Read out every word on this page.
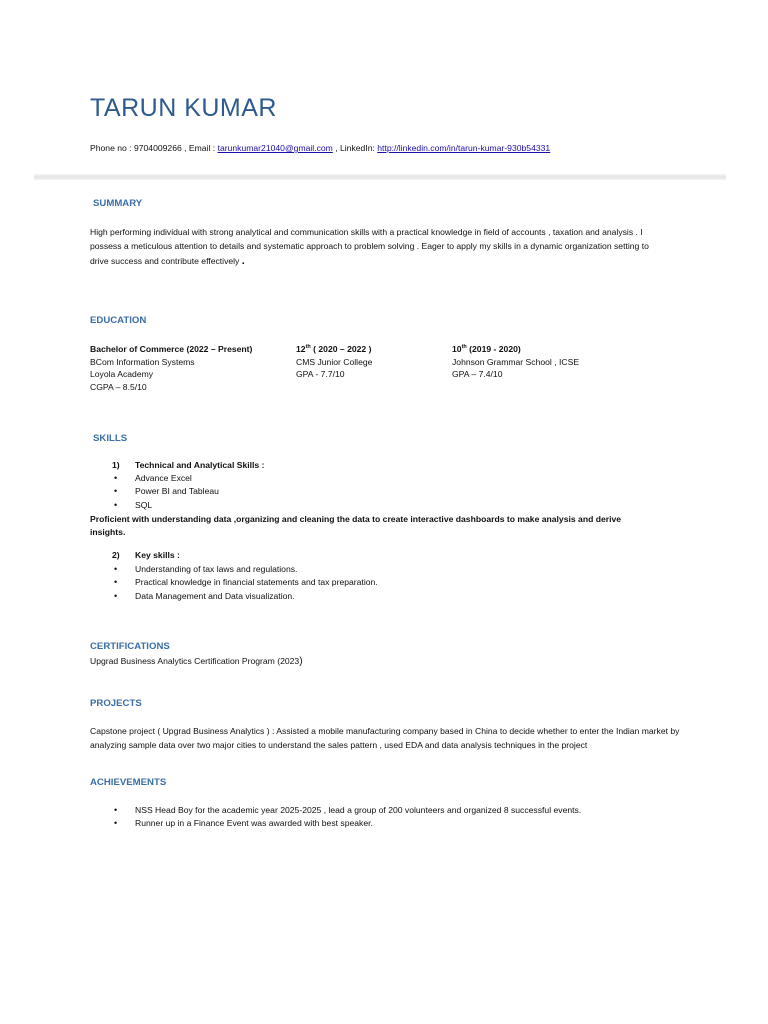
TARUN KUMAR
Phone no : 9704009266 , Email : tarunkumar21040@gmail.com , LinkedIn: http://linkedin.com/in/tarun-kumar-930b54331
SUMMARY
High performing individual with strong analytical and communication skills with a practical knowledge in field of accounts , taxation and analysis . I possess a meticulous attention to details and systematic approach to problem solving . Eager to apply my skills in a dynamic organization setting to drive success and contribute effectively .
EDUCATION
Bachelor of Commerce (2022 – Present)
BCom Information Systems
Loyola Academy
CGPA – 8.5/10
12th ( 2020 – 2022 )
CMS Junior College
GPA - 7.7/10
10th (2019 - 2020)
Johnson Grammar School , ICSE
GPA – 7.4/10
SKILLS
1) Technical and Analytical Skills :
• Advance Excel
• Power BI and Tableau
• SQL
Proficient with understanding data ,organizing and cleaning the data to create interactive dashboards to make analysis and derive insights.
2) Key skills :
• Understanding of tax laws and regulations.
• Practical knowledge in financial statements and tax preparation.
• Data Management and Data visualization.
CERTIFICATIONS
Upgrad Business Analytics Certification Program (2023)
PROJECTS
Capstone project ( Upgrad Business Analytics ) : Assisted a mobile manufacturing company based in China to decide whether to enter the Indian market by analyzing sample data over two major cities to understand the sales pattern , used EDA and data analysis techniques in the project
ACHIEVEMENTS
• NSS Head Boy for the academic year 2025-2025 , lead a group of 200 volunteers and organized 8 successful events.
• Runner up in a Finance Event was awarded with best speaker.
